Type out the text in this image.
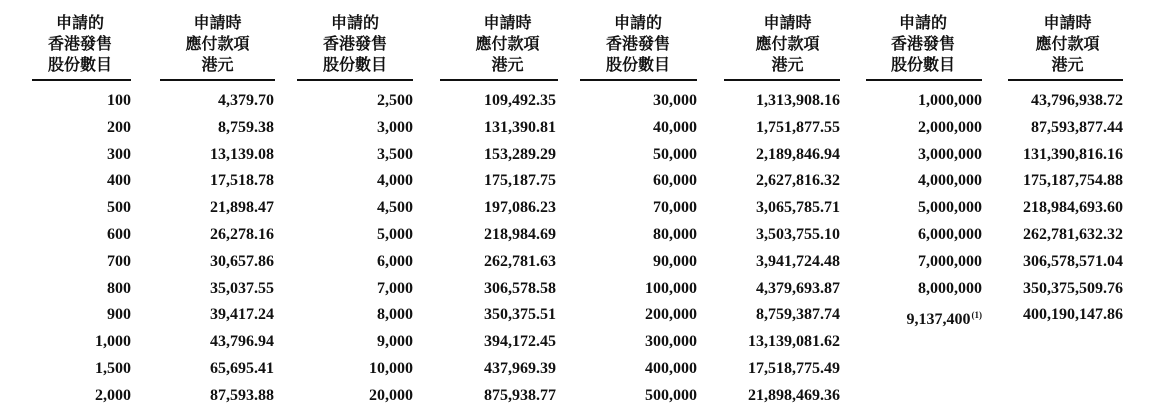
申請的
香港發售
股份數目
申請時
應付款項
港元
申請的
香港發售
股份數目
申請時
應付款項
港元
申請的
香港發售
股份數目
申請時
應付款項
港元
申請的
香港發售
股份數目
申請時
應付款項
港元
100
200
300
400
500
600
700
800
900
1,000
1,500
2,000
4,379.70
8,759.38
13,139.08
17,518.78
21,898.47
26,278.16
30,657.86
35,037.55
39,417.24
43,796.94
65,695.41
87,593.88
2,500
3,000
3,500
4,000
4,500
5,000
6,000
7,000
8,000
9,000
10,000
20,000
109,492.35
131,390.81
153,289.29
175,187.75
197,086.23
218,984.69
262,781.63
306,578.58
350,375.51
394,172.45
437,969.39
875,938.77
30,000
40,000
50,000
60,000
70,000
80,000
90,000
100,000
200,000
300,000
400,000
500,000
1,313,908.16
1,751,877.55
2,189,846.94
2,627,816.32
3,065,785.71
3,503,755.10
3,941,724.48
4,379,693.87
8,759,387.74
13,139,081.62
17,518,775.49
21,898,469.36
1,000,000
2,000,000
3,000,000
4,000,000
5,000,000
6,000,000
7,000,000
8,000,000
9,137,400$^{(1)}$
43,796,938.72
87,593,877.44
131,390,816.16
175,187,754.88
218,984,693.60
262,781,632.32
306,578,571.04
350,375,509.76
400,190,147.86
